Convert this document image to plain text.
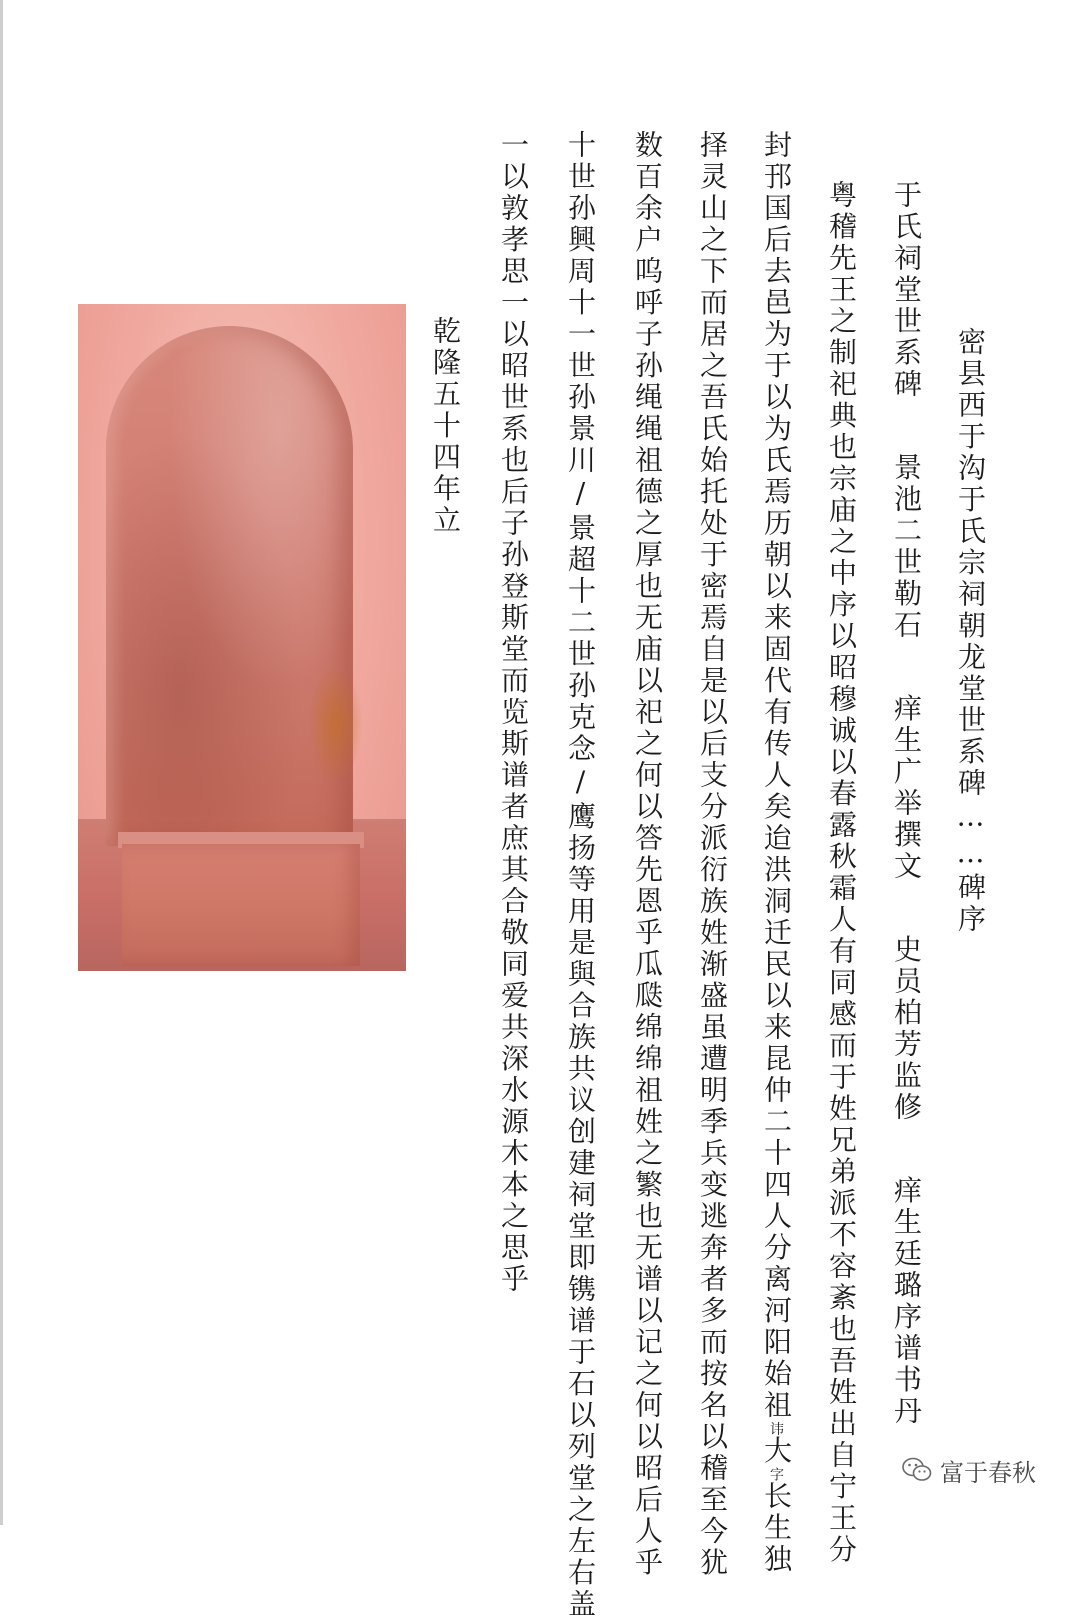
密县西于沟于氏宗祠朝龙堂世系碑……碑序
于氏祠堂世系碑景池二世勒石痒生广举撰文史员柏芳监修痒生廷璐序谱书丹
粤稽先王之制祀典也宗庙之中序以昭穆诚以春露秋霜人有同感而于姓兄弟派不容紊也吾姓出自宁王分
封邘国后去邑为于以为氏焉历朝以来固代有传人矣迨洪洞迁民以来昆仲二十四人分离河阳始祖讳大字长生独
择灵山之下而居之吾氏始托处于密焉自是以后支分派衍族姓渐盛虽遭明季兵变逃奔者多而按名以稽至今犹
数百余户呜呼子孙绳绳祖德之厚也无庙以祀之何以答先恩乎瓜瓞绵绵祖姓之繁也无谱以记之何以昭后人乎
十世孙興周十一世孙景川/景超十二世孙克念/鹰扬等用是與合族共议创建祠堂即镌谱于石以列堂之左右盖
一以敦孝思一以昭世系也后子孙登斯堂而览斯谱者庶其合敬同爱共深水源木本之思乎
乾隆五十四年立
富于春秋
